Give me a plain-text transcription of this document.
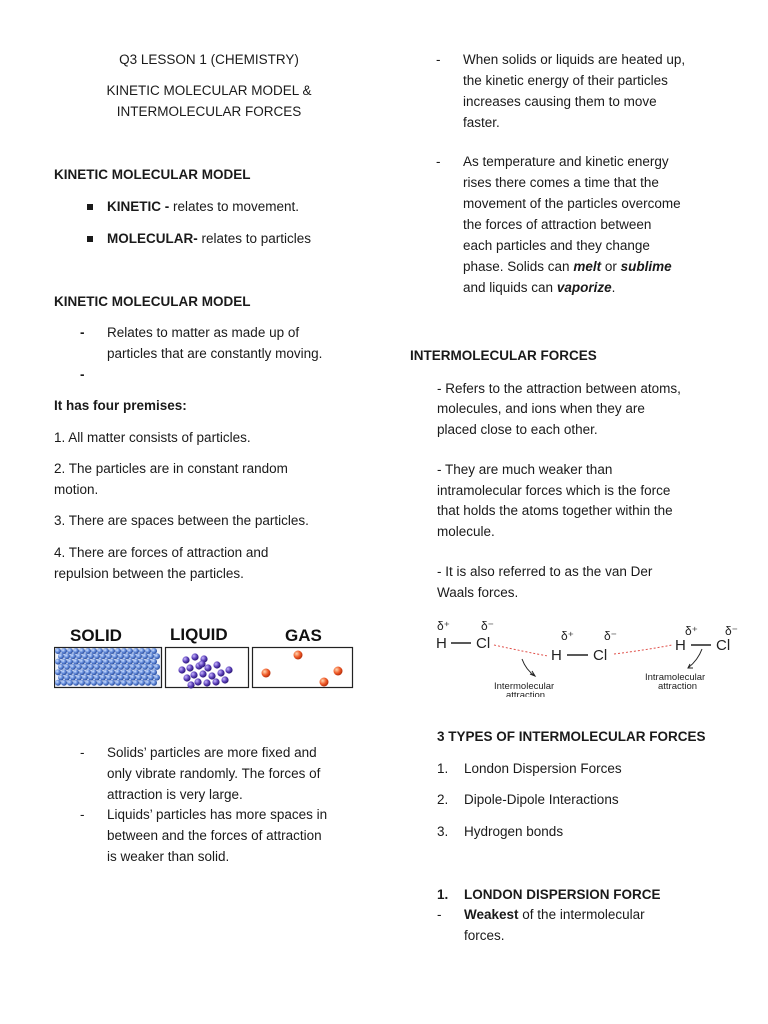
Q3 LESSON 1 (CHEMISTRY)

KINETIC MOLECULAR MODEL &

INTERMOLECULAR FORCES

KINETIC MOLECULAR MODEL

KINETIC - relates to movement.
MOLECULAR- relates to particles

KINETIC MOLECULAR MODEL

- Relates to matter as made up of
particles that are constantly moving.
-

It has four premises:

1. All matter consists of particles.

2. The particles are in constant random

motion.

3. There are spaces between the particles.

4. There are forces of attraction and

repulsion between the particles.

SOLID	LIQUID	GAS
- Solids’ particles are more fixed and
only vibrate randomly. The forces of
attraction is very large.
- Liquids’ particles has more spaces in
between and the forces of attraction
is weaker than solid.
- When solids or liquids are heated up,
the kinetic energy of their particles
increases causing them to move
faster.
- As temperature and kinetic energy
rises there comes a time that the
movement of the particles overcome
the forces of attraction between
each particles and they change
phase. Solids can melt or sublime
and liquids can vaporize.

INTERMOLECULAR FORCES

- Refers to the attraction between atoms,

molecules, and ions when they are

placed close to each other.

- They are much weaker than

intramolecular forces which is the force

that holds the atoms together within the

molecule.

- It is also referred to as the van Der

Waals forces.

δ⁺	δ⁻
H Cl	δ⁺ δ⁻
H Cl
δ⁺ δ⁻
H Cl
Intermolecular
attraction
Intramolecular
attraction

3 TYPES OF INTERMOLECULAR FORCES

1. London Dispersion Forces
2. Dipole-Dipole Interactions
3. Hydrogen bonds
1. LONDON DISPERSION FORCE
- Weakest of the intermolecular
forces.
